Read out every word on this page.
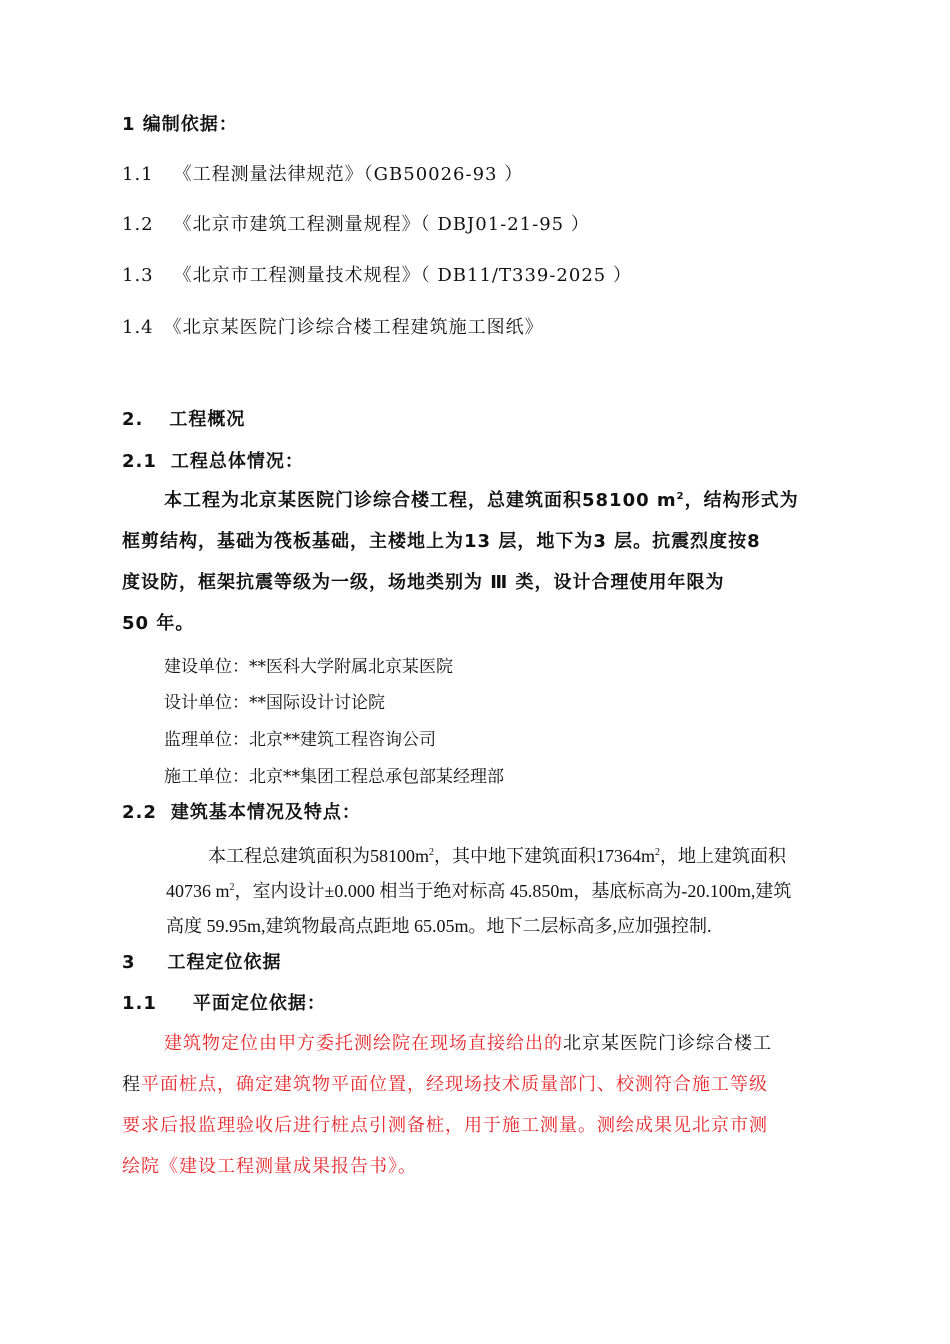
1 编制依据：
1.1 《工程测量法律规范》（GB50026-93 ）
1.2 《北京市建筑工程测量规程》（ DBJ01-21-95 ）
1.3 《北京市工程测量技术规程》（ DB11/T339-2025 ）
1.4 《北京某医院门诊综合楼工程建筑施工图纸》
2. 工程概况
2.1 工程总体情况：
本工程为北京某医院门诊综合楼工程，总建筑面积58100 $m^2$，结构形式为
框剪结构，基础为筏板基础，主楼地上为13 层，地下为3 层。抗震烈度按8
度设防，框架抗震等级为一级，场地类别为 Ⅲ 类，设计合理使用年限为
50 年。
建设单位：**医科大学附属北京某医院
设计单位：**国际设计讨论院
监理单位：北京**建筑工程咨询公司
施工单位：北京**集团工程总承包部某经理部
2.2 建筑基本情况及特点：
本工程总建筑面积为$58100m^2$，其中地下建筑面积$17364m^2$，地上建筑面积
40736 $m^2$，室内设计±0.000 相当于绝对标高 45.850m，基底标高为-20.100m,建筑
高度 59.95m,建筑物最高点距地 65.05m。地下二层标高多,应加强控制.
3 工程定位依据
1.1 平面定位依据：
建筑物定位由甲方委托测绘院在现场直接给出的北京某医院门诊综合楼工
程平面桩点，确定建筑物平面位置，经现场技术质量部门、校测符合施工等级
要求后报监理验收后进行桩点引测备桩，用于施工测量。测绘成果见北京市测
绘院《建设工程测量成果报告书》。
